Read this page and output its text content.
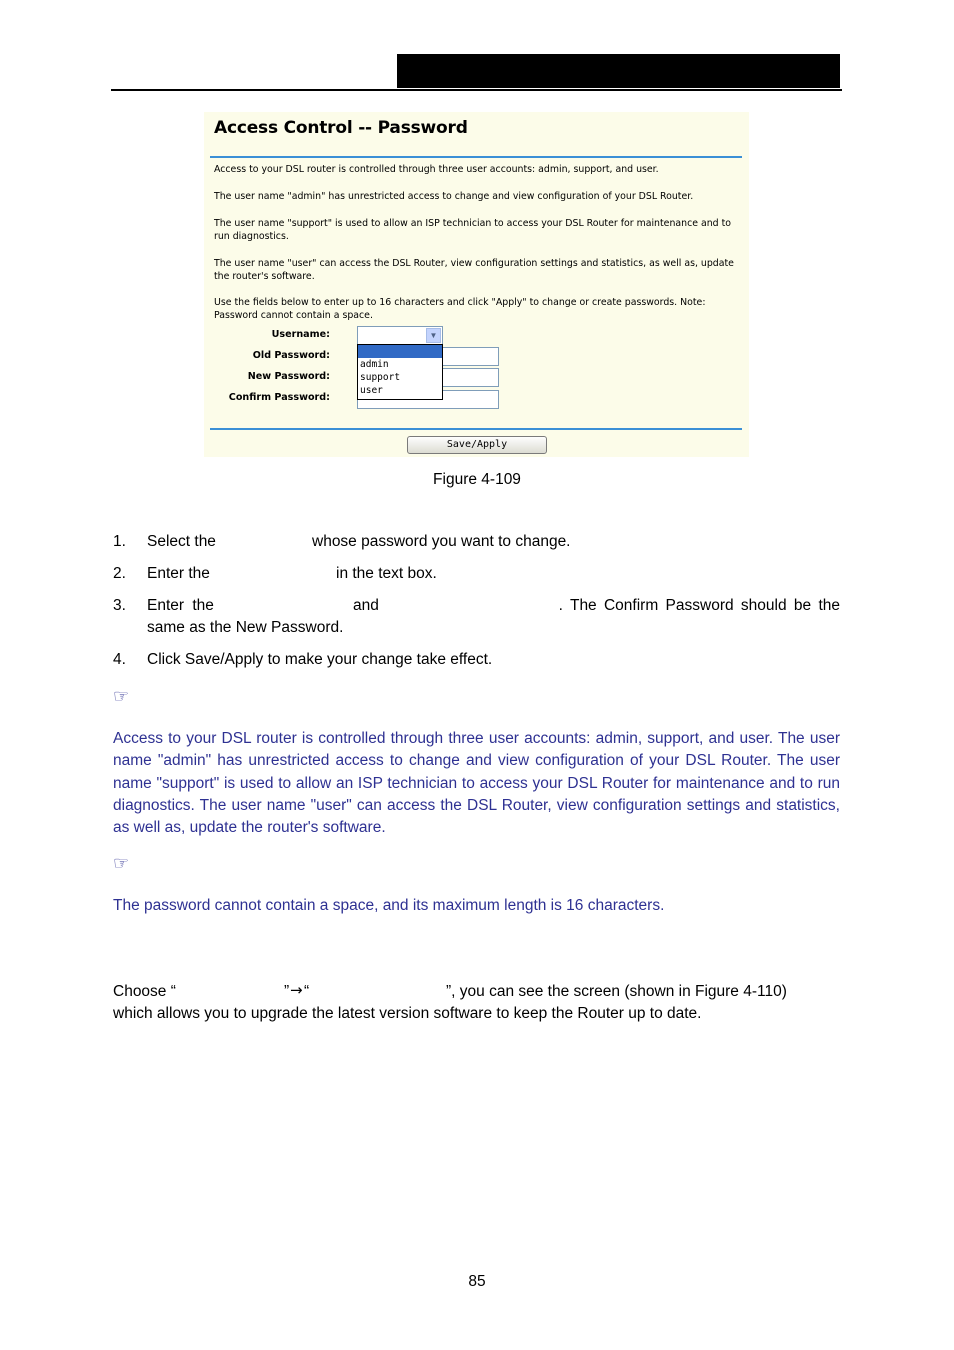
Access Control -- Password
Access to your DSL router is controlled through three user accounts: admin, support, and user.
The user name "admin" has unrestricted access to change and view configuration of your DSL Router.
The user name "support" is used to allow an ISP technician to access your DSL Router for maintenance and to run diagnostics.
The user name "user" can access the DSL Router, view configuration settings and statistics, as well as, update the router's software.
Use the fields below to enter up to 16 characters and click "Apply" to change or create passwords. Note: Password cannot contain a space.
Username:
Old Password:
New Password:
Confirm Password:
▼
admin
support
user
Save/Apply
Figure 4-109
1. Select the	whose password you want to change.
2. Enter the	in the text box.
3. Enter the	and	. The Confirm Password should be the
same as the New Password.
4. Click Save/Apply to make your change take effect.
☞
Access to your DSL router is controlled through three user accounts: admin, support, and user. The user name "admin" has unrestricted access to change and view configuration of your DSL Router. The user name "support" is used to allow an ISP technician to access your DSL Router for maintenance and to run diagnostics. The user name "user" can access the DSL Router, view configuration settings and statistics, as well as, update the router's software.
☞
The password cannot contain a space, and its maximum length is 16 characters.
Choose “	” → “	”, you can see the screen (shown in Figure 4-110)
which allows you to upgrade the latest version software to keep the Router up to date.
85
